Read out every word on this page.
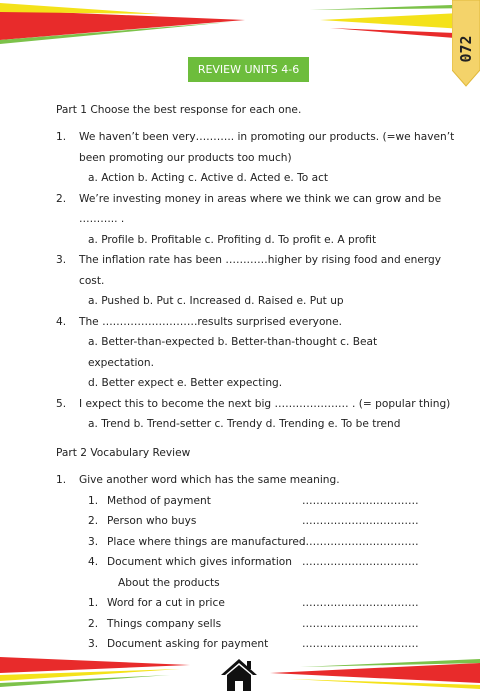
072
REVIEW UNITS 4-6
Part 1 Choose the best response for each one.
1. We haven’t been very……….. in promoting our products. (=we haven’t
been promoting our products too much)
a. Action b. Acting c. Active d. Acted e. To act
2. We’re investing money in areas where we think we can grow and be
……….. .
a. Profile b. Profitable c. Profiting d. To profit e. A profit
3. The inflation rate has been …………higher by rising food and energy
cost.
a. Pushed b. Put c. Increased d. Raised e. Put up
4. The ………………………results surprised everyone.
a. Better-than-expected b. Better-than-thought c. Beat
expectation.
d. Better expect e. Better expecting.
5. I expect this to become the next big ………………… . (= popular thing)
a. Trend b. Trend-setter c. Trendy d. Trending e. To be trend
Part 2 Vocabulary Review
1. Give another word which has the same meaning.
1. Method of payment	……………………………
2. Person who buys	……………………………
3. Place where things are manufactured
……………………………
4. Document which gives information ……………………………
About the products
1. Word for a cut in price	……………………………
2. Things company sells	……………………………
3. Document asking for payment	……………………………
